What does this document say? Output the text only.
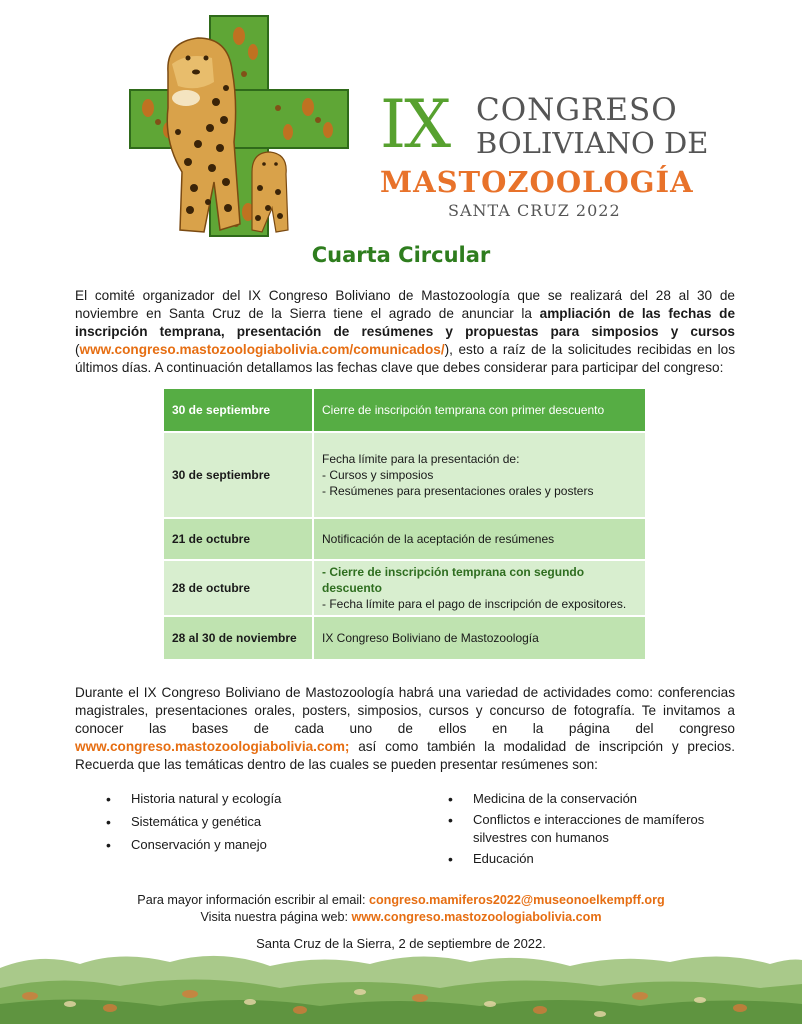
IX CONGRESO
BOLIVIANO DE
MASTOZOOLOGÍA
SANTA CRUZ 2022
Cuarta Circular
El comité organizador del IX Congreso Boliviano de Mastozoología que se realizará del 28 al 30 de noviembre en Santa Cruz de la Sierra tiene el agrado de anunciar la ampliación de las fechas de inscripción temprana, presentación de resúmenes y propuestas para simposios y cursos (www.congreso.mastozoologiabolivia.com/comunicados/), esto a raíz de la solicitudes recibidas en los últimos días. A continuación detallamos las fechas clave que debes considerar para participar del congreso:
30 de septiembre	Cierre de inscripción temprana con primer descuento
30 de septiembre	Fecha límite para la presentación de:
- Cursos y simposios
- Resúmenes para presentaciones orales y posters

21 de octubre	Notificación de la aceptación de resúmenes
28 de octubre	- Cierre de inscripción temprana con segundo descuento
- Fecha límite para el pago de inscripción de expositores.

28 al 30 de noviembre	IX Congreso Boliviano de Mastozoología
Durante el IX Congreso Boliviano de Mastozoología habrá una variedad de actividades como: conferencias magistrales, presentaciones orales, posters, simposios, cursos y concurso de fotografía. Te invitamos a conocer las bases de cada uno de ellos en la página del congreso www.congreso.mastozoologiabolivia.com; así como también la modalidad de inscripción y precios. Recuerda que las temáticas dentro de las cuales se pueden presentar resúmenes son:
• Historia natural y ecología
• Sistemática y genética
• Conservación y manejo
• Medicina de la conservación
• Conflictos e interacciones de mamíferos silvestres con humanos
• Educación
Para mayor información escribir al email: congreso.mamiferos2022@museonoelkempff.org
Visita nuestra página web: www.congreso.mastozoologiabolivia.com
Santa Cruz de la Sierra, 2 de septiembre de 2022.
